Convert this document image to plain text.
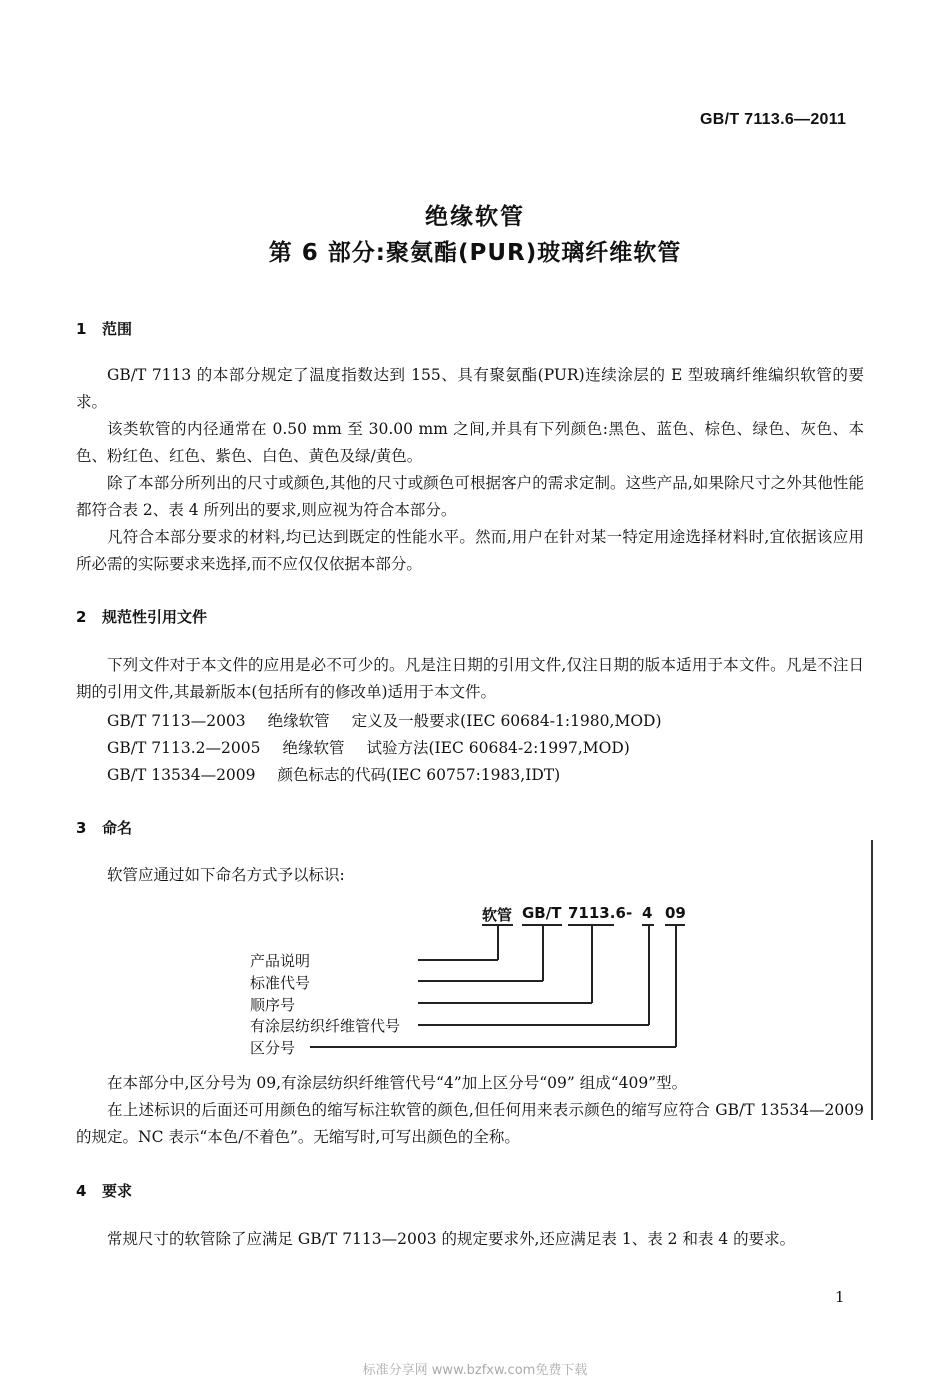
GB/T 7113.6—2011
绝缘软管
第 6 部分:聚氨酯(PUR)玻璃纤维软管
1 范围

GB/T 7113 的本部分规定了温度指数达到 155、具有聚氨酯(PUR)连续涂层的 E 型玻璃纤维编织软管的要求。

该类软管的内径通常在 0.50 mm 至 30.00 mm 之间,并具有下列颜色:黑色、蓝色、棕色、绿色、灰色、本色、粉红色、红色、紫色、白色、黄色及绿/黄色。

除了本部分所列出的尺寸或颜色,其他的尺寸或颜色可根据客户的需求定制。这些产品,如果除尺寸之外其他性能都符合表 2、表 4 所列出的要求,则应视为符合本部分。

凡符合本部分要求的材料,均已达到既定的性能水平。然而,用户在针对某一特定用途选择材料时,宜依据该应用所必需的实际要求来选择,而不应仅仅依据本部分。

2 规范性引用文件

下列文件对于本文件的应用是必不可少的。凡是注日期的引用文件,仅注日期的版本适用于本文件。凡是不注日期的引用文件,其最新版本(包括所有的修改单)适用于本文件。

GB/T 7113—2003 绝缘软管 定义及一般要求(IEC 60684-1:1980,MOD)
GB/T 7113.2—2005 绝缘软管 试验方法(IEC 60684-2:1997,MOD)
GB/T 13534—2009 颜色标志的代码(IEC 60757:1983,IDT)
3 命名
软管应通过如下命名方式予以标识:
软管 GB/T 7113.6 - 4 09
产品说明
标准代号
顺序号
有涂层纺织纤维管代号
区分号

在本部分中,区分号为 09,有涂层纺织纤维管代号“4”加上区分号“09” 组成“409”型。

在上述标识的后面还可用颜色的缩写标注软管的颜色,但任何用来表示颜色的缩写应符合 GB/T 13534—2009 的规定。NC 表示“本色/不着色”。无缩写时,可写出颜色的全称。

4 要求

常规尺寸的软管除了应满足 GB/T 7113—2003 的规定要求外,还应满足表 1、表 2 和表 4 的要求。

1
标准分享网 www.bzfxw.com免费下载
